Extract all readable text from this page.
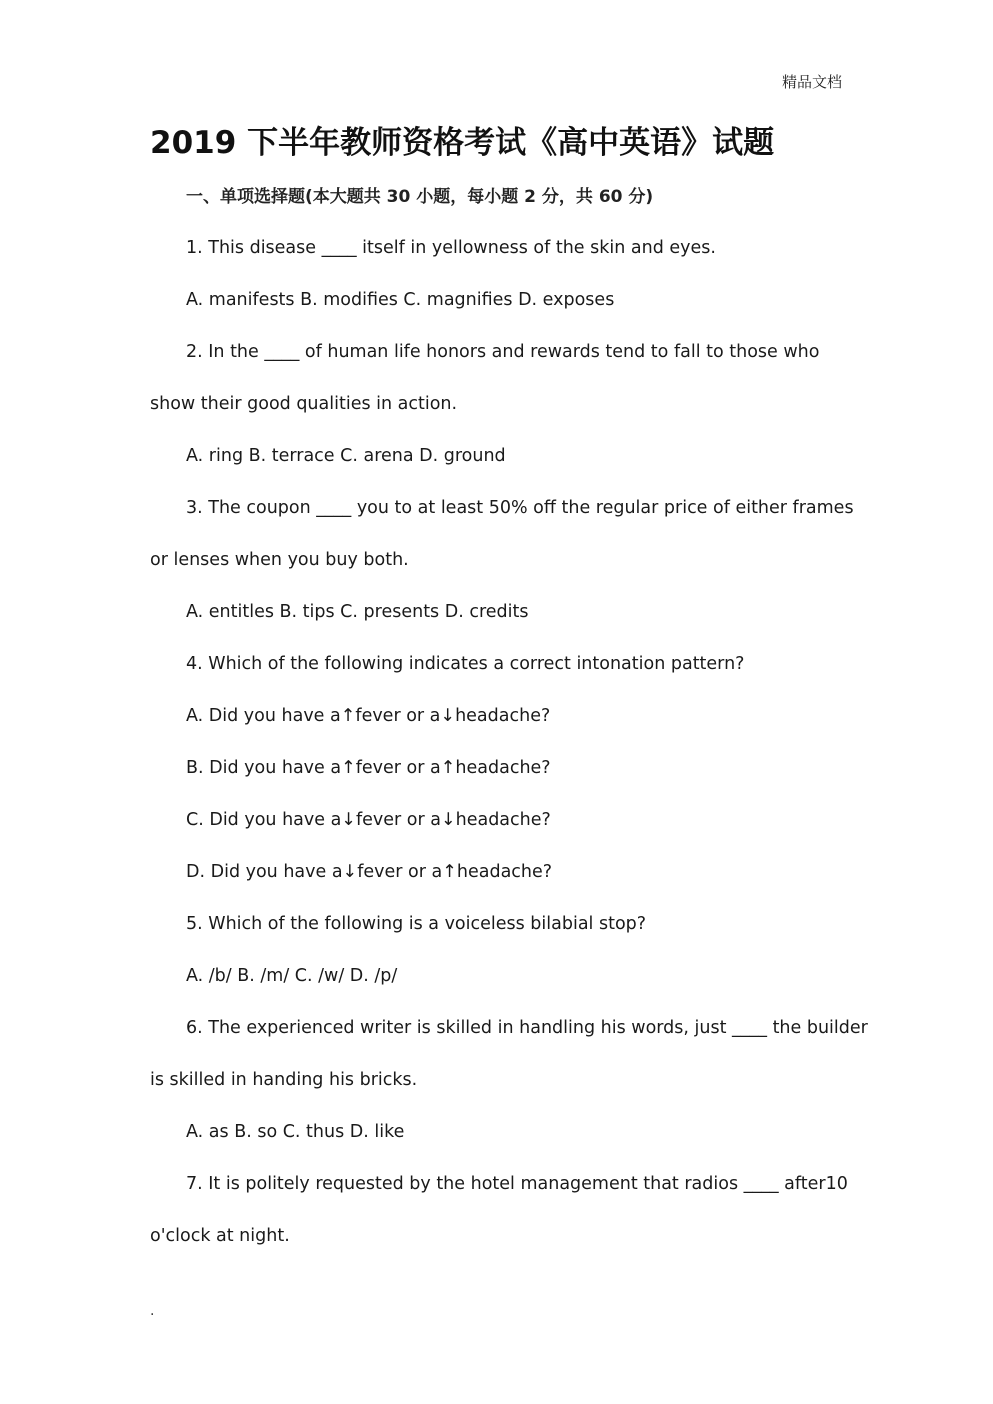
精品文档
2019 下半年教师资格考试《高中英语》试题
一、单项选择题(本大题共 30 小题，每小题 2 分，共 60 分)
1. This disease ____ itself in yellowness of the skin and eyes.
A. manifests B. modifies C. magnifies D. exposes
2. In the ____ of human life honors and rewards tend to fall to those who
show their good qualities in action.
A. ring B. terrace C. arena D. ground
3. The coupon ____ you to at least 50% off the regular price of either frames
or lenses when you buy both.
A. entitles B. tips C. presents D. credits
4. Which of the following indicates a correct intonation pattern?
A. Did you have a↑fever or a↓headache?
B. Did you have a↑fever or a↑headache?
C. Did you have a↓fever or a↓headache?
D. Did you have a↓fever or a↑headache?
5. Which of the following is a voiceless bilabial stop?
A. /b/ B. /m/ C. /w/ D. /p/
6. The experienced writer is skilled in handling his words, just ____ the builder
is skilled in handing his bricks.
A. as B. so C. thus D. like
7. It is politely requested by the hotel management that radios ____ after10
o'clock at night.
.
